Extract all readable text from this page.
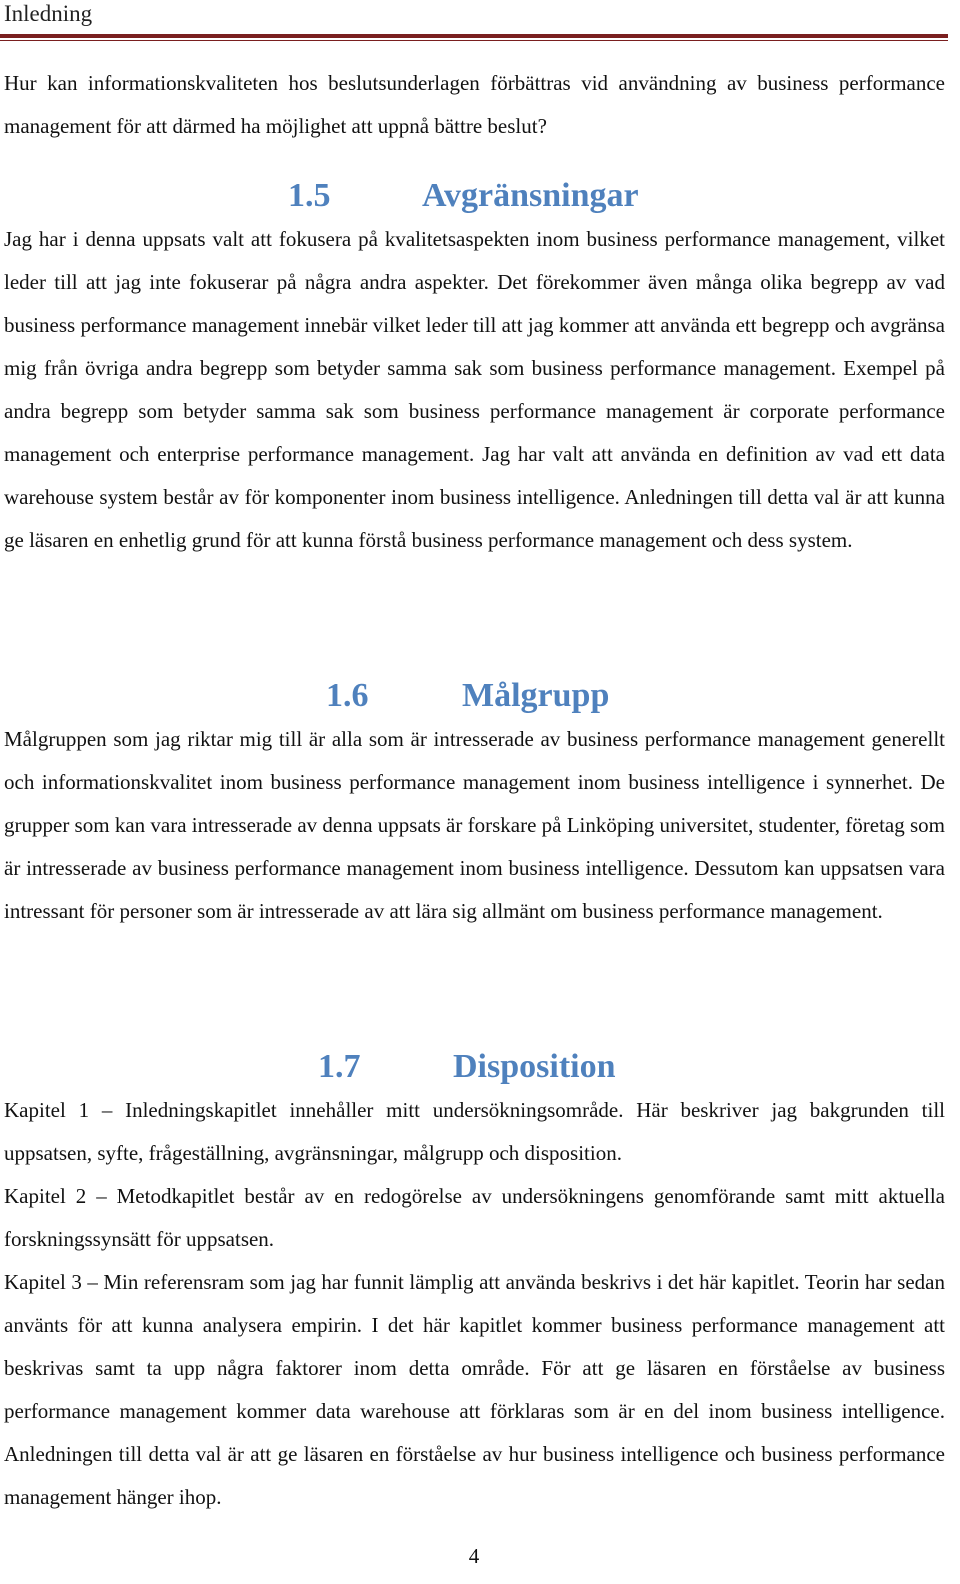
Inledning
Hur kan informationskvaliteten hos beslutsunderlagen förbättras vid användning av business performance management för att därmed ha möjlighet att uppnå bättre beslut?
1.5	Avgränsningar
Jag har i denna uppsats valt att fokusera på kvalitetsaspekten inom business performance management, vilket leder till att jag inte fokuserar på några andra aspekter. Det förekommer även många olika begrepp av vad business performance management innebär vilket leder till att jag kommer att använda ett begrepp och avgränsa mig från övriga andra begrepp som betyder samma sak som business performance management. Exempel på andra begrepp som betyder samma sak som business performance management är corporate performance management och enterprise performance management. Jag har valt att använda en definition av vad ett data warehouse system består av för komponenter inom business intelligence. Anledningen till detta val är att kunna ge läsaren en enhetlig grund för att kunna förstå business performance management och dess system.
1.6	Målgrupp
Målgruppen som jag riktar mig till är alla som är intresserade av business performance management generellt och informationskvalitet inom business performance management inom business intelligence i synnerhet. De grupper som kan vara intresserade av denna uppsats är forskare på Linköping universitet, studenter, företag som är intresserade av business performance management inom business intelligence. Dessutom kan uppsatsen vara intressant för personer som är intresserade av att lära sig allmänt om business performance management.
1.7	Disposition

Kapitel 1 – Inledningskapitlet innehåller mitt undersökningsområde. Här beskriver jag bakgrunden till uppsatsen, syfte, frågeställning, avgränsningar, målgrupp och disposition.

Kapitel 2 – Metodkapitlet består av en redogörelse av undersökningens genomförande samt mitt aktuella forskningssynsätt för uppsatsen.

Kapitel 3 – Min referensram som jag har funnit lämplig att använda beskrivs i det här kapitlet. Teorin har sedan använts för att kunna analysera empirin. I det här kapitlet kommer business performance management att beskrivas samt ta upp några faktorer inom detta område. För att ge läsaren en förståelse av business performance management kommer data warehouse att förklaras som är en del inom business intelligence. Anledningen till detta val är att ge läsaren en förståelse av hur business intelligence och business performance management hänger ihop.

4
